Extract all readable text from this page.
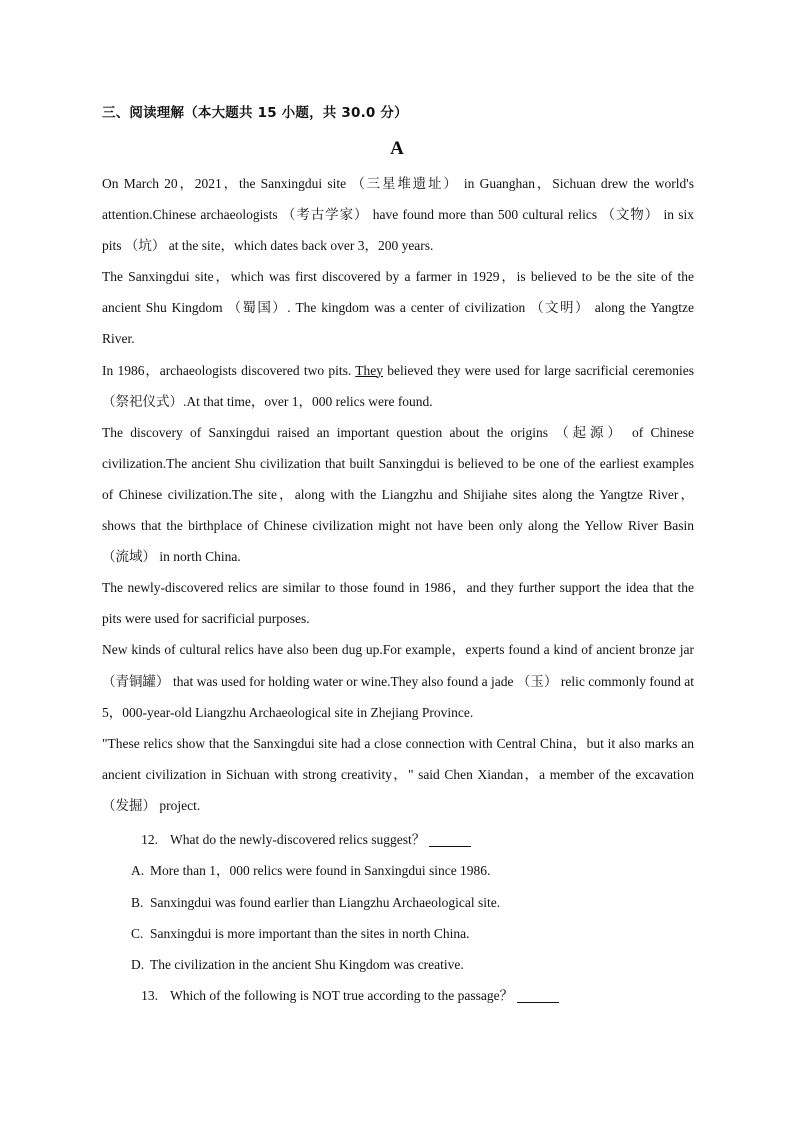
三、阅读理解（本大题共 15 小题，共 30.0 分）
A

On March 20，2021，the Sanxingdui site （三星堆遗址） in Guanghan，Sichuan drew the world's attention.Chinese archaeologists （考古学家） have found more than 500 cultural relics （文物） in six pits （坑） at the site，which dates back over 3，200 years.

The Sanxingdui site，which was first discovered by a farmer in 1929，is believed to be the site of the ancient Shu Kingdom （蜀国）. The kingdom was a center of civilization （文明） along the Yangtze River.

In 1986，archaeologists discovered two pits. They believed they were used for large sacrificial ceremonies （祭祀仪式）.At that time，over 1，000 relics were found.

The discovery of Sanxingdui raised an important question about the origins （起源） of Chinese civilization.The ancient Shu civilization that built Sanxingdui is believed to be one of the earliest examples of Chinese civilization.The site，along with the Liangzhu and Shijiahe sites along the Yangtze River，shows that the birthplace of Chinese civilization might not have been only along the Yellow River Basin （流域） in north China.

The newly-discovered relics are similar to those found in 1986，and they further support the idea that the pits were used for sacrificial purposes.

New kinds of cultural relics have also been dug up.For example，experts found a kind of ancient bronze jar （青铜罐） that was used for holding water or wine.They also found a jade （玉） relic commonly found at 5，000-year-old Liangzhu Archaeological site in Zhejiang Province.

"These relics show that the Sanxingdui site had a close connection with Central China，but it also marks an ancient civilization in Sichuan with strong creativity，" said Chen Xiandan，a member of the excavation （发掘） project.

12. What do the newly-discovered relics suggest？
A. More than 1，000 relics were found in Sanxingdui since 1986.
B. Sanxingdui was found earlier than Liangzhu Archaeological site.
C. Sanxingdui is more important than the sites in north China.
D. The civilization in the ancient Shu Kingdom was creative.
13. Which of the following is NOT true according to the passage？
